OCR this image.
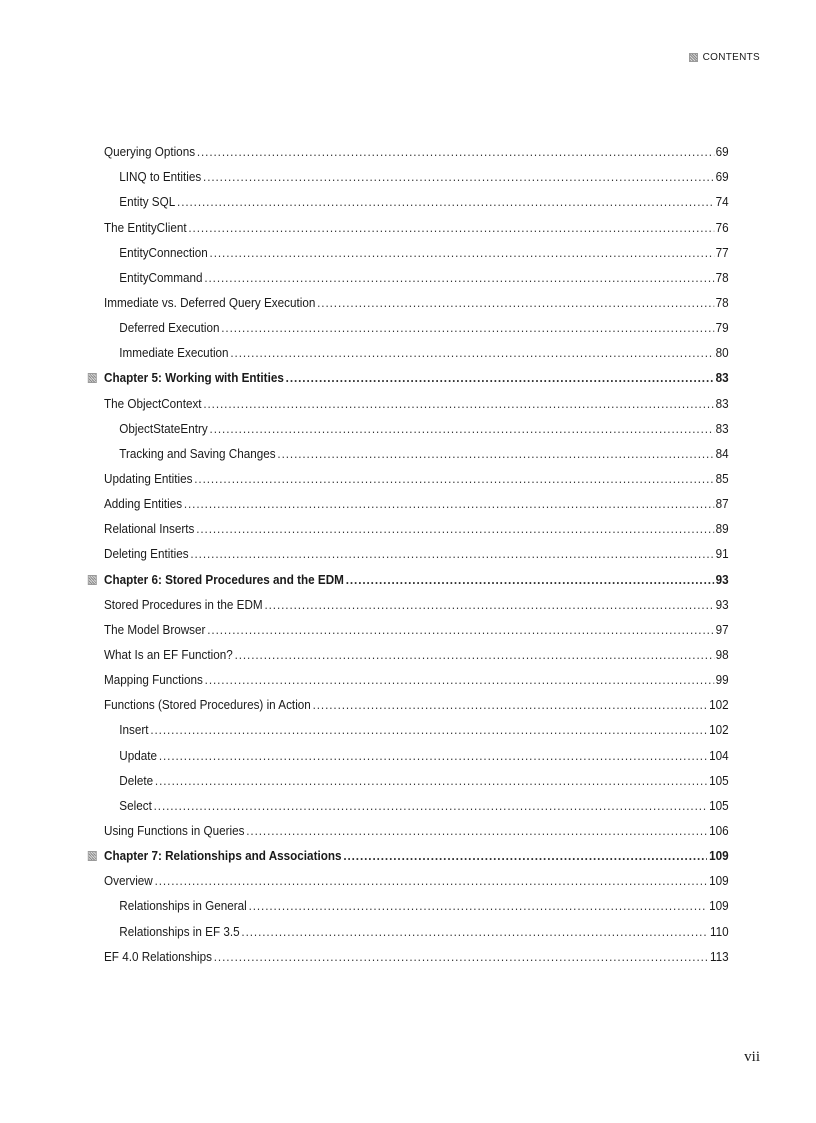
CONTENTS
Querying Options . . .	69
LINQ to Entities . . .	69
Entity SQL . . .	74
The EntityClient . . .	76
EntityConnection . . .	77
EntityCommand . . .	78
Immediate vs. Deferred Query Execution . . .	78
Deferred Execution . . .	79
Immediate Execution . . .	80
Chapter 5: Working with Entities . . .	83
The ObjectContext . . .	83
ObjectStateEntry . . .	83
Tracking and Saving Changes . . .	84
Updating Entities . . .	85
Adding Entities . . .	87
Relational Inserts . . .	89
Deleting Entities . . .	91
Chapter 6: Stored Procedures and the EDM . . .	93
Stored Procedures in the EDM . . .	93
The Model Browser . . .	97
What Is an EF Function? . . .	98
Mapping Functions . . .	99
Functions (Stored Procedures) in Action . . .	102
Insert . . .	102
Update . . .	104
Delete . . .	105
Select . . .	105
Using Functions in Queries . . .	106
Chapter 7: Relationships and Associations . . .	109
Overview . . .	109
Relationships in General . . .	109
Relationships in EF 3.5 . . .	110
EF 4.0 Relationships . . .	113
vii
